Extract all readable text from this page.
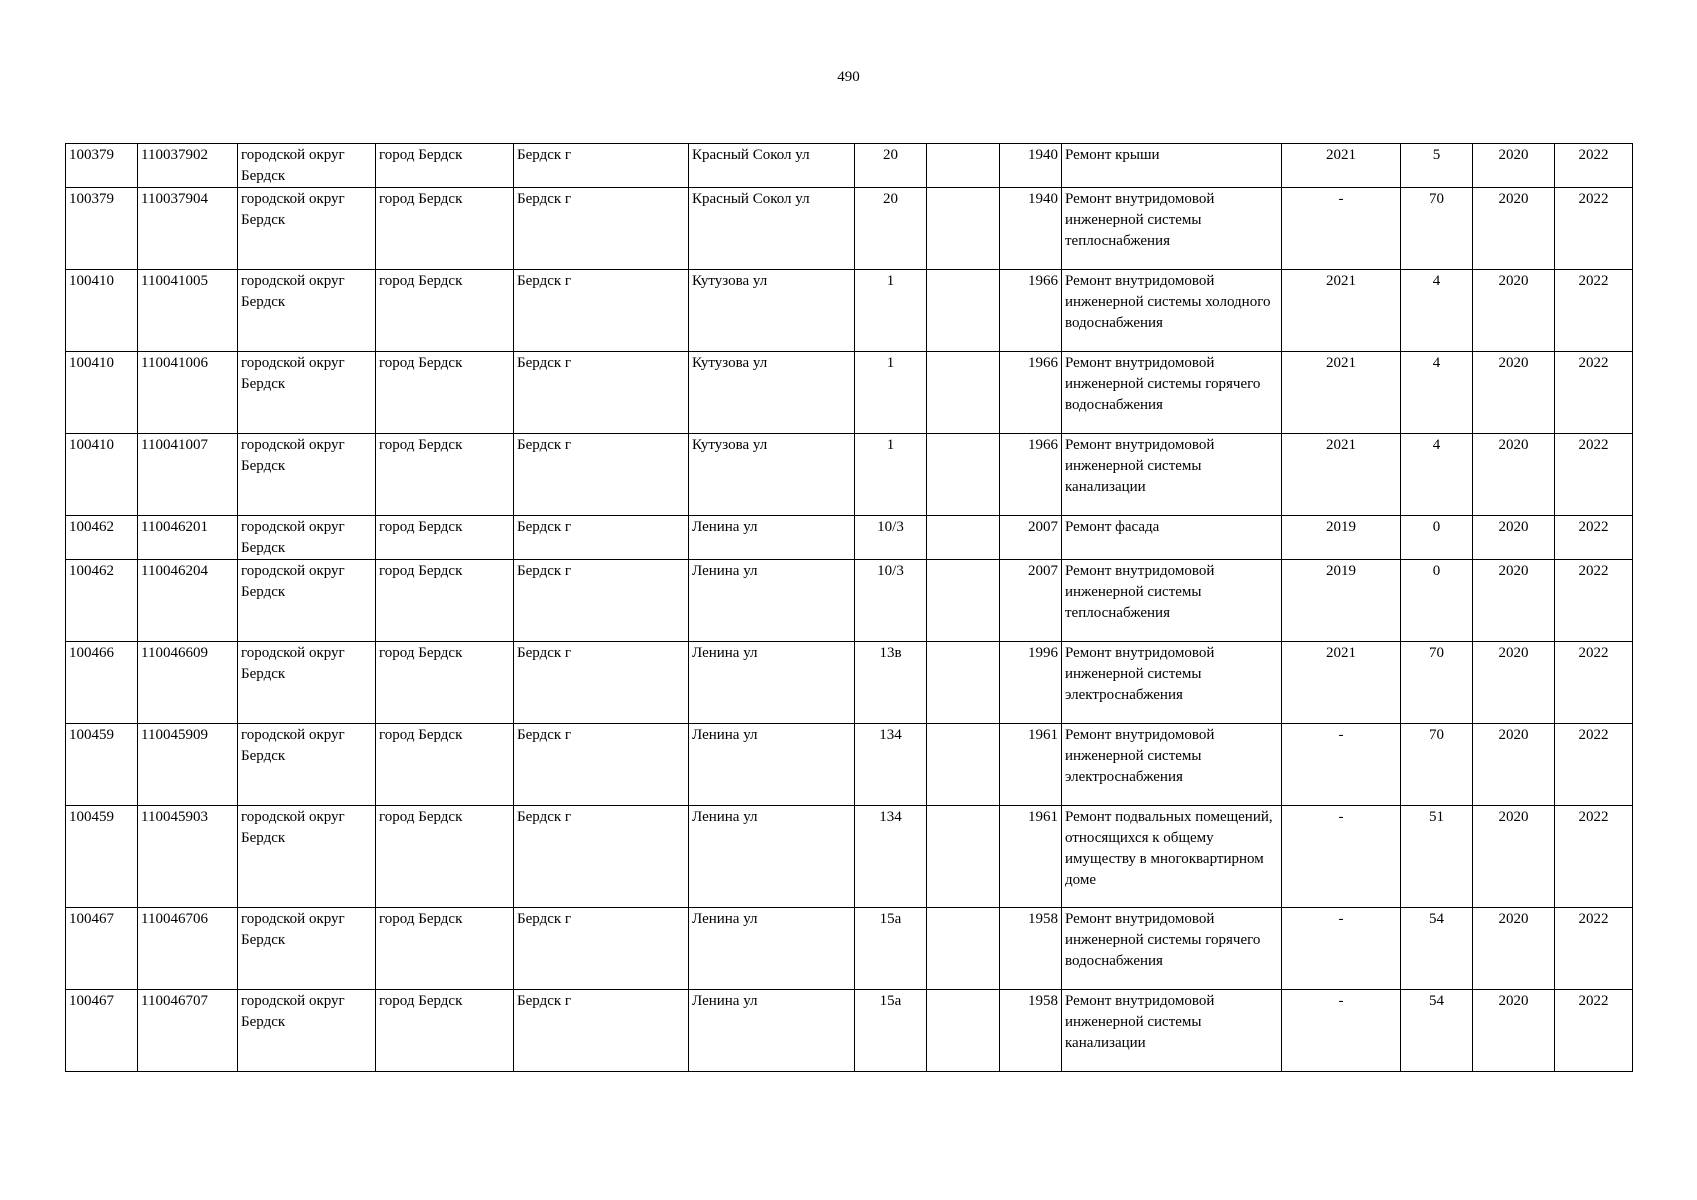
490
100379	110037902	городской округ Бердск	город Бердск	Бердск г	Красный Сокол ул	20		1940	Ремонт крыши	2021	5	2020	2022
100379	110037904	городской округ Бердск	город Бердск	Бердск г	Красный Сокол ул	20		1940	Ремонт внутридомовой инженерной системы теплоснабжения	-	70	2020	2022
100410	110041005	городской округ Бердск	город Бердск	Бердск г	Кутузова ул	1		1966	Ремонт внутридомовой инженерной системы холодного водоснабжения	2021	4	2020	2022
100410	110041006	городской округ Бердск	город Бердск	Бердск г	Кутузова ул	1		1966	Ремонт внутридомовой инженерной системы горячего водоснабжения	2021	4	2020	2022
100410	110041007	городской округ Бердск	город Бердск	Бердск г	Кутузова ул	1		1966	Ремонт внутридомовой инженерной системы канализации	2021	4	2020	2022
100462	110046201	городской округ Бердск	город Бердск	Бердск г	Ленина ул	10/3		2007	Ремонт фасада	2019	0	2020	2022
100462	110046204	городской округ Бердск	город Бердск	Бердск г	Ленина ул	10/3		2007	Ремонт внутридомовой инженерной системы теплоснабжения	2019	0	2020	2022
100466	110046609	городской округ Бердск	город Бердск	Бердск г	Ленина ул	13в		1996	Ремонт внутридомовой инженерной системы электроснабжения	2021	70	2020	2022
100459	110045909	городской округ Бердск	город Бердск	Бердск г	Ленина ул	134		1961	Ремонт внутридомовой инженерной системы электроснабжения	-	70	2020	2022
100459	110045903	городской округ Бердск	город Бердск	Бердск г	Ленина ул	134		1961	Ремонт подвальных помещений, относящихся к общему имуществу в многоквартирном доме	-	51	2020	2022
100467	110046706	городской округ Бердск	город Бердск	Бердск г	Ленина ул	15а		1958	Ремонт внутридомовой инженерной системы горячего водоснабжения	-	54	2020	2022
100467	110046707	городской округ Бердск	город Бердск	Бердск г	Ленина ул	15а		1958	Ремонт внутридомовой инженерной системы канализации	-	54	2020	2022
